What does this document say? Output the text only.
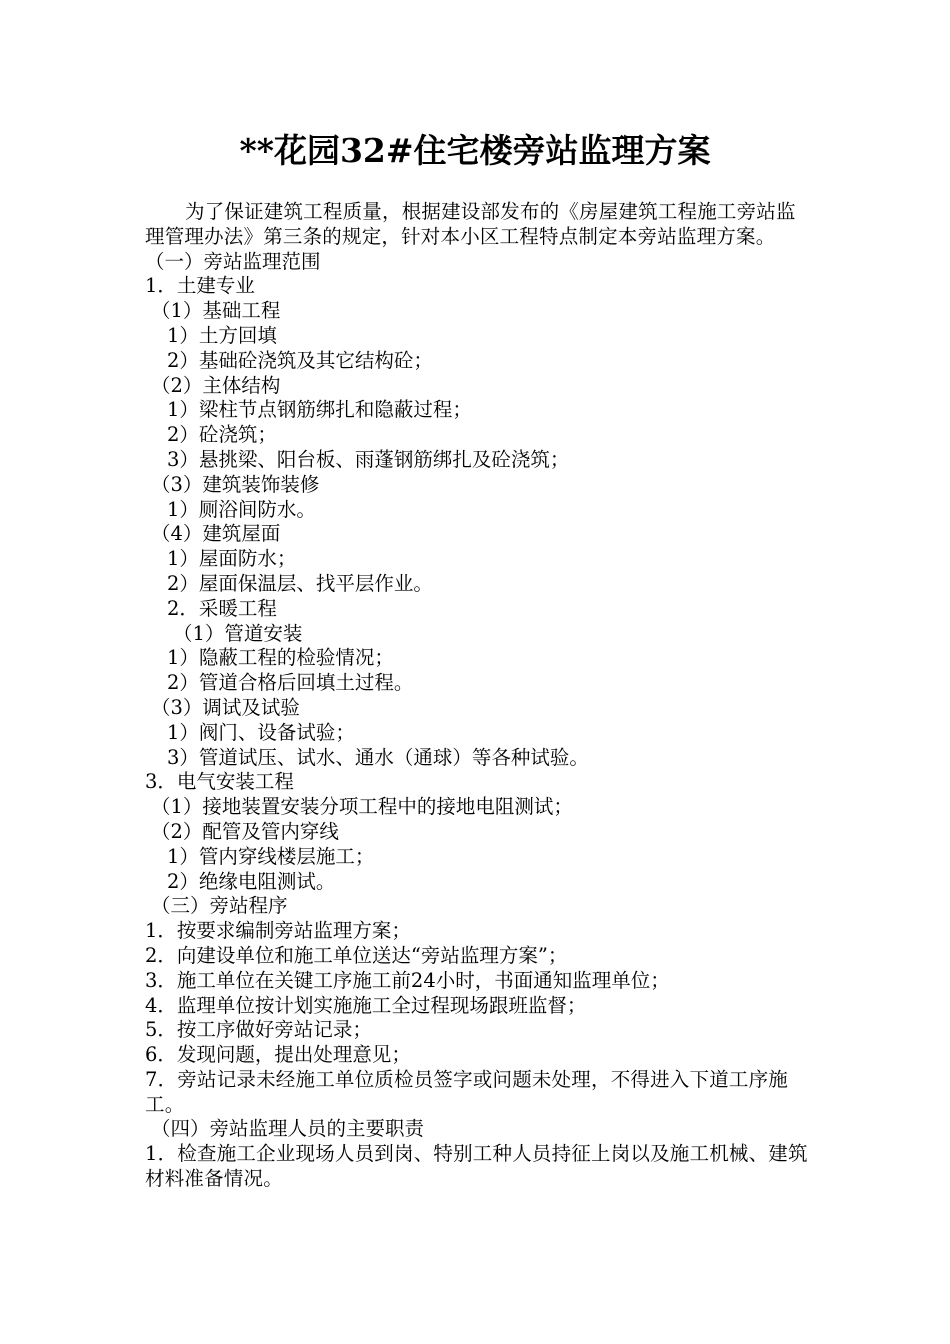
**花园32#住宅楼旁站监理方案

为了保证建筑工程质量，根据建设部发布的《房屋建筑工程施工旁站监理管理办法》第三条的规定，针对本小区工程特点制定本旁站监理方案。

（一）旁站监理范围

1．土建专业

（1）基础工程

1）土方回填

2）基础砼浇筑及其它结构砼；

（2）主体结构

1）梁柱节点钢筋绑扎和隐蔽过程；

2）砼浇筑；

3）悬挑梁、阳台板、雨蓬钢筋绑扎及砼浇筑；

（3）建筑装饰装修

1）厕浴间防水。

（4）建筑屋面

1）屋面防水；

2）屋面保温层、找平层作业。

2．采暖工程

（1）管道安装

1）隐蔽工程的检验情况；

2）管道合格后回填土过程。

（3）调试及试验

1）阀门、设备试验；

3）管道试压、试水、通水（通球）等各种试验。

3．电气安装工程

（1）接地装置安装分项工程中的接地电阻测试；

（2）配管及管内穿线

1）管内穿线楼层施工；

2）绝缘电阻测试。

（三）旁站程序

1．按要求编制旁站监理方案；

2．向建设单位和施工单位送达“旁站监理方案”；

3．施工单位在关键工序施工前24小时，书面通知监理单位；

4．监理单位按计划实施施工全过程现场跟班监督；

5．按工序做好旁站记录；

6．发现问题，提出处理意见；

7．旁站记录未经施工单位质检员签字或问题未处理，不得进入下道工序施工。

（四）旁站监理人员的主要职责

1．检查施工企业现场人员到岗、特别工种人员持征上岗以及施工机械、建筑材料准备情况。
